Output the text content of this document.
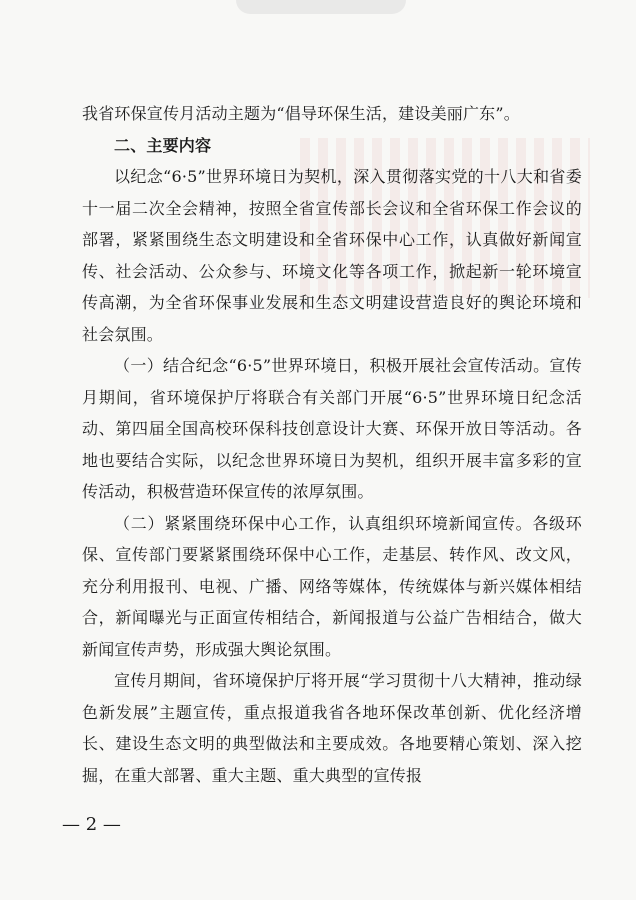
我省环保宣传月活动主题为“倡导环保生活，建设美丽广东”。

二、主要内容

以纪念“6·5”世界环境日为契机，深入贯彻落实党的十八大和省委十一届二次全会精神，按照全省宣传部长会议和全省环保工作会议的部署，紧紧围绕生态文明建设和全省环保中心工作，认真做好新闻宣传、社会活动、公众参与、环境文化等各项工作，掀起新一轮环境宣传高潮，为全省环保事业发展和生态文明建设营造良好的舆论环境和社会氛围。

（一）结合纪念“6·5”世界环境日，积极开展社会宣传活动。宣传月期间，省环境保护厅将联合有关部门开展“6·5”世界环境日纪念活动、第四届全国高校环保科技创意设计大赛、环保开放日等活动。各地也要结合实际，以纪念世界环境日为契机，组织开展丰富多彩的宣传活动，积极营造环保宣传的浓厚氛围。

（二）紧紧围绕环保中心工作，认真组织环境新闻宣传。各级环保、宣传部门要紧紧围绕环保中心工作，走基层、转作风、改文风，充分利用报刊、电视、广播、网络等媒体，传统媒体与新兴媒体相结合，新闻曝光与正面宣传相结合，新闻报道与公益广告相结合，做大新闻宣传声势，形成强大舆论氛围。

宣传月期间，省环境保护厅将开展“学习贯彻十八大精神，推动绿色新发展”主题宣传，重点报道我省各地环保改革创新、优化经济增长、建设生态文明的典型做法和主要成效。各地要精心策划、深入挖掘，在重大部署、重大主题、重大典型的宣传报

— 2 —
